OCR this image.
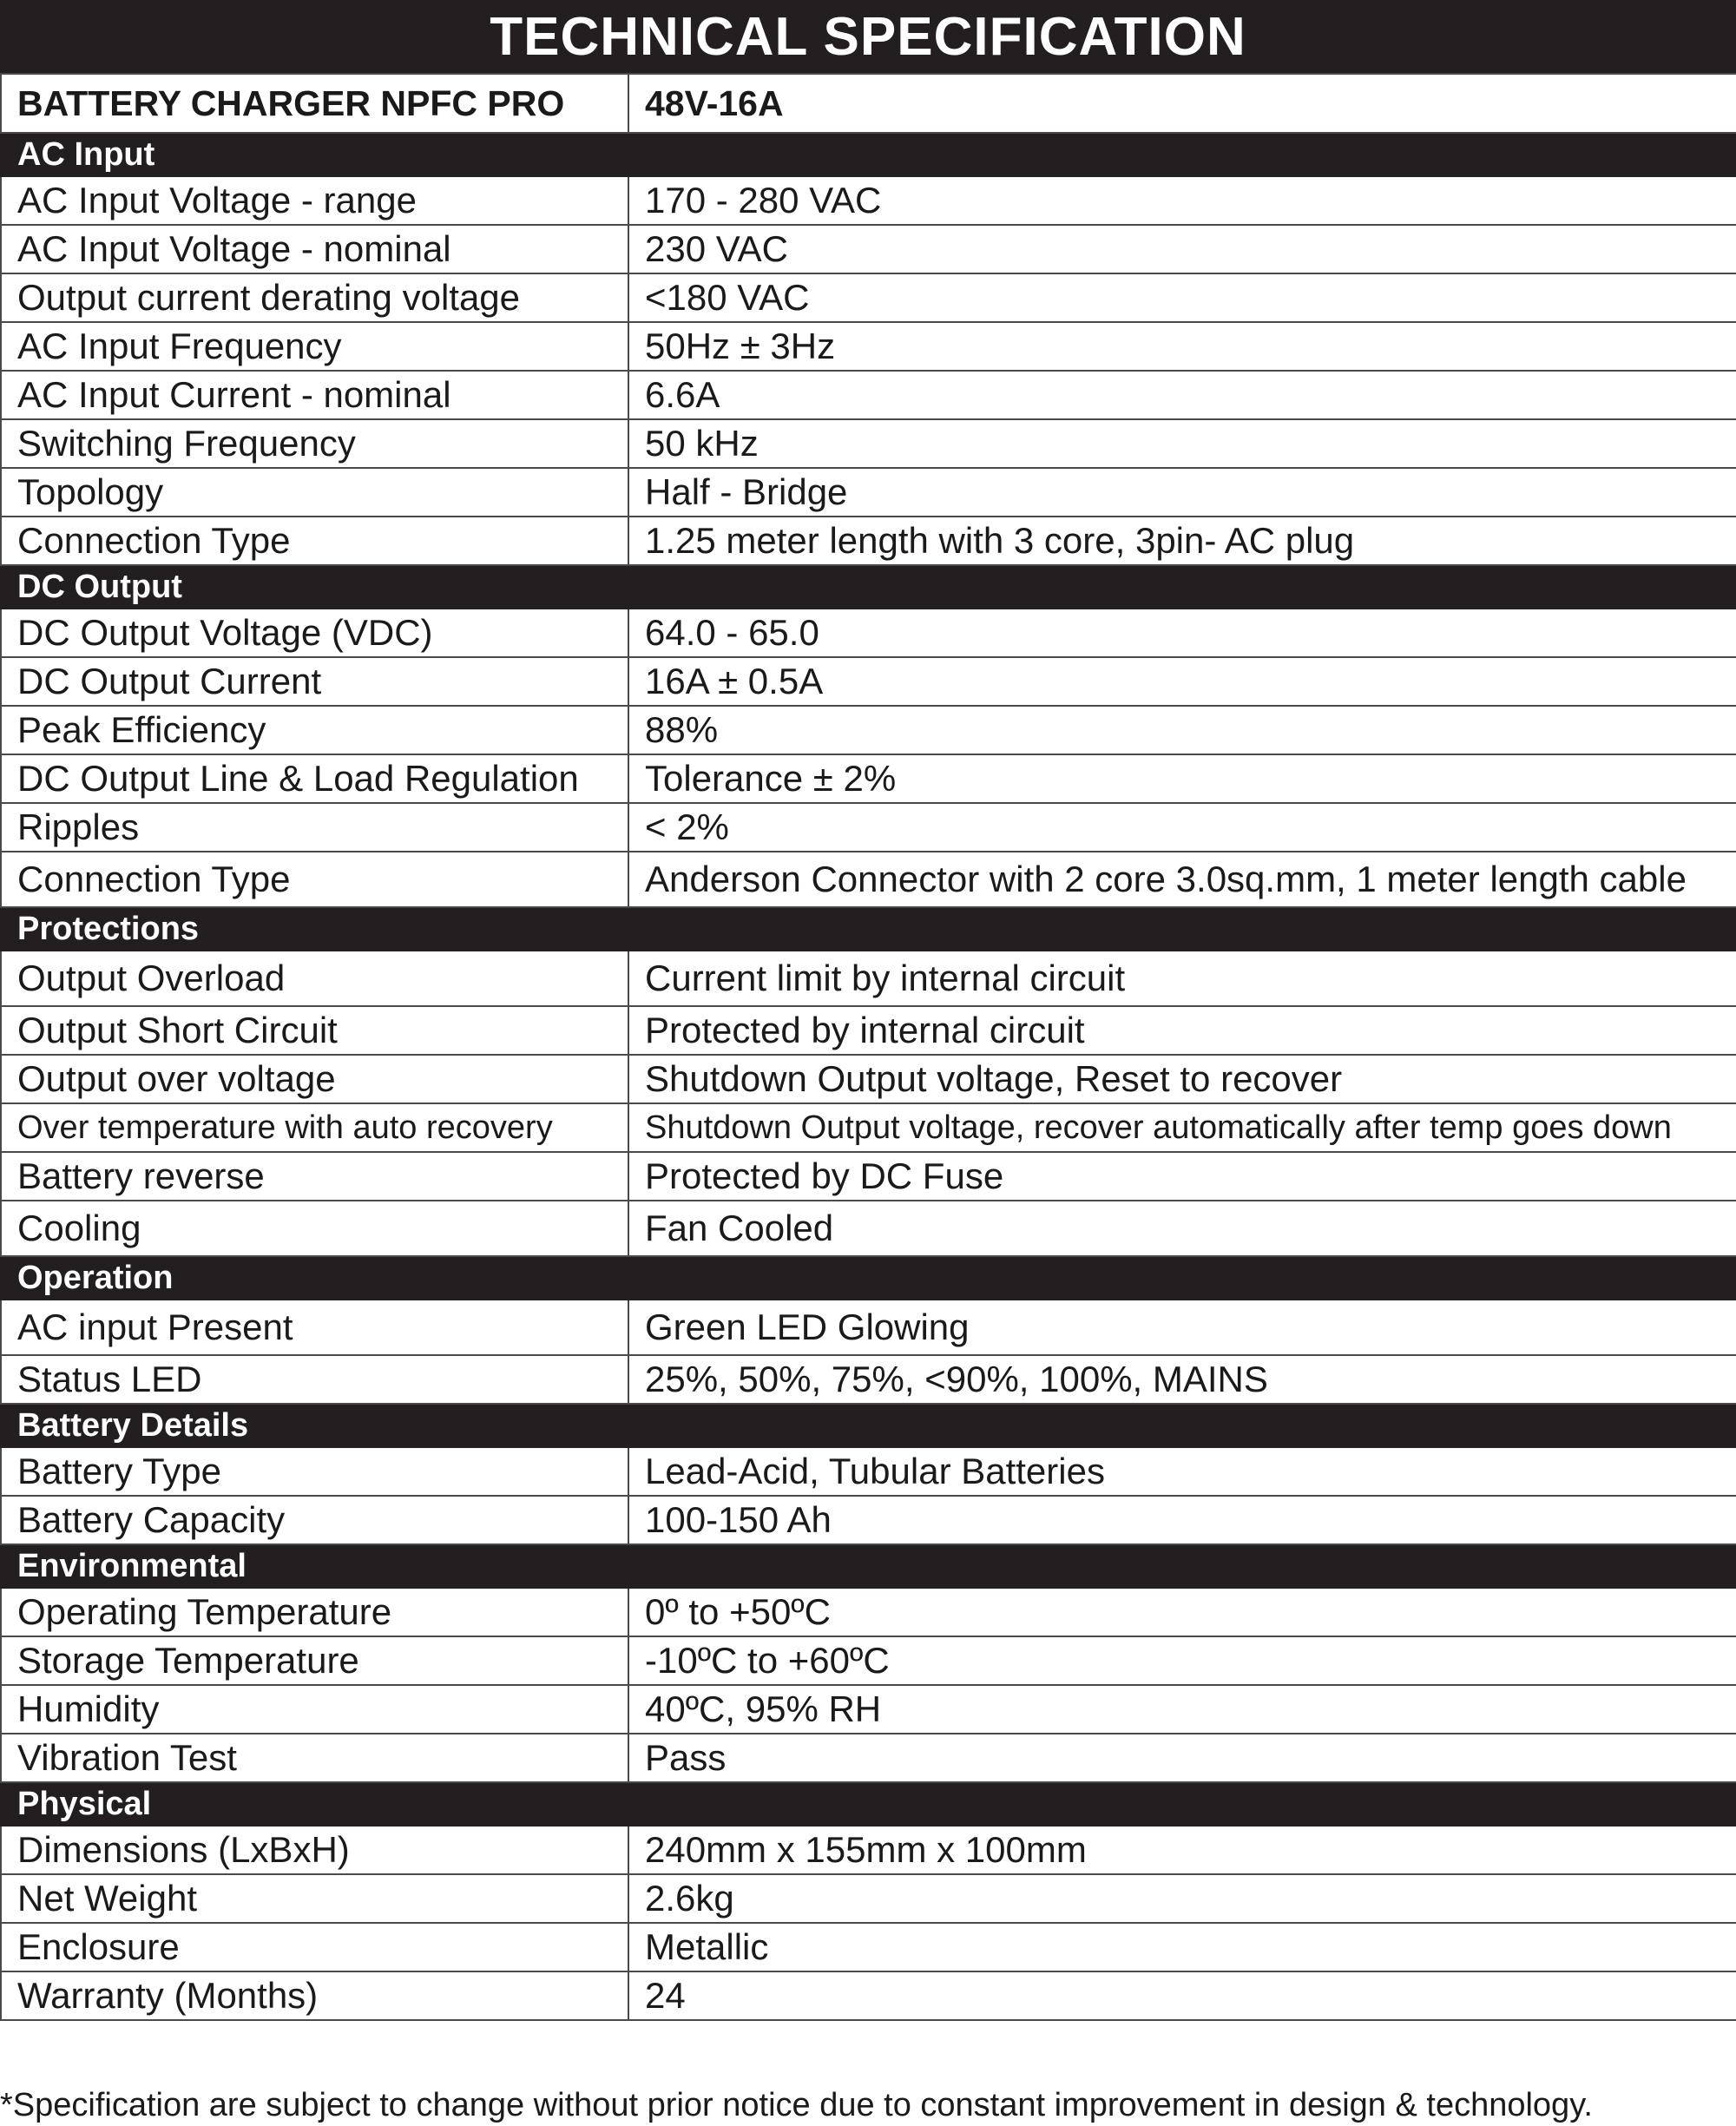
TECHNICAL SPECIFICATION
BATTERY CHARGER NPFC PRO	48V-16A
AC Input	
AC Input Voltage - range	170 - 280 VAC
AC Input Voltage - nominal	230 VAC
Output current derating voltage	<180 VAC
AC Input Frequency	50Hz ± 3Hz
AC Input Current - nominal	6.6A
Switching Frequency	50 kHz
Topology	Half - Bridge
Connection Type	1.25 meter length with 3 core, 3pin- AC plug
DC Output	
DC Output Voltage (VDC)	64.0 - 65.0
DC Output Current	16A ± 0.5A
Peak Efficiency	88%
DC Output Line & Load Regulation	Tolerance ± 2%
Ripples	< 2%
Connection Type	Anderson Connector with 2 core 3.0sq.mm, 1 meter length cable
Protections	
Output Overload	Current limit by internal circuit
Output Short Circuit	Protected by internal circuit
Output over voltage	Shutdown Output voltage, Reset to recover
Over temperature with auto recovery	Shutdown Output voltage, recover automatically after temp goes down
Battery reverse	Protected by DC Fuse
Cooling	Fan Cooled
Operation	
AC input Present	Green LED Glowing
Status LED	25%, 50%, 75%, <90%, 100%, MAINS
Battery Details	
Battery Type	Lead-Acid, Tubular Batteries
Battery Capacity	100-150 Ah
Environmental	
Operating Temperature	0º to +50ºC
Storage Temperature	-10ºC to +60ºC
Humidity	40ºC, 95% RH
Vibration Test	Pass
Physical	
Dimensions (LxBxH)	240mm x 155mm x 100mm
Net Weight	2.6kg
Enclosure	Metallic
Warranty (Months)	24
*Specification are subject to change without prior notice due to constant improvement in design & technology.
